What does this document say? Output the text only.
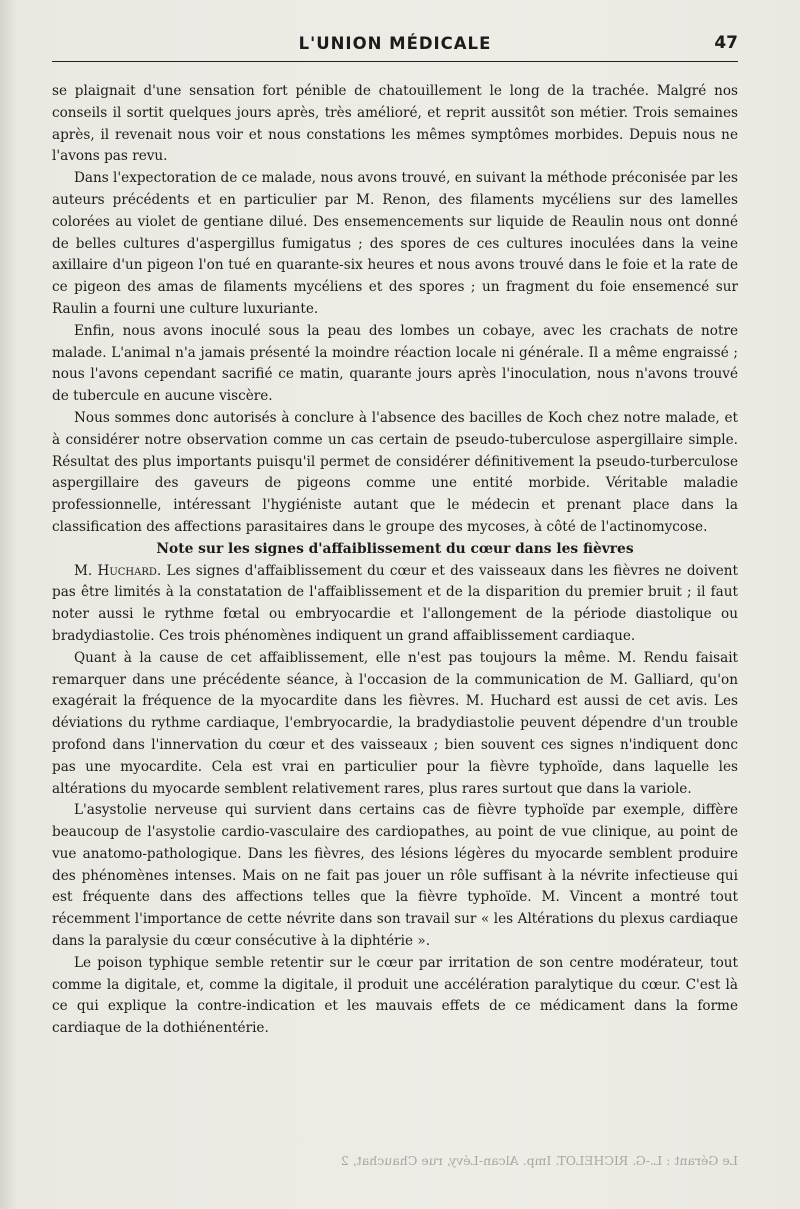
L'UNION MÉDICALE	47

se plaignait d'une sensation fort pénible de chatouillement le long de la trachée. Malgré nos conseils il sortit quelques jours après, très amélioré, et reprit aussitôt son métier. Trois semaines après, il revenait nous voir et nous constations les mêmes symptômes morbides. Depuis nous ne l'avons pas revu.

Dans l'expectoration de ce malade, nous avons trouvé, en suivant la méthode préconisée par les auteurs précédents et en particulier par M. Renon, des filaments mycéliens sur des lamelles colorées au violet de gentiane dilué. Des ensemencements sur liquide de Reaulin nous ont donné de belles cultures d'aspergillus fumigatus ; des spores de ces cultures inoculées dans la veine axillaire d'un pigeon l'on tué en quarante-six heures et nous avons trouvé dans le foie et la rate de ce pigeon des amas de filaments mycéliens et des spores ; un fragment du foie ensemencé sur Raulin a fourni une culture luxuriante.

Enfin, nous avons inoculé sous la peau des lombes un cobaye, avec les crachats de notre malade. L'animal n'a jamais présenté la moindre réaction locale ni générale. Il a même engraissé ; nous l'avons cependant sacrifié ce matin, quarante jours après l'inoculation, nous n'avons trouvé de tubercule en aucune viscère.

Nous sommes donc autorisés à conclure à l'absence des bacilles de Koch chez notre malade, et à considérer notre observation comme un cas certain de pseudo-tuberculose aspergillaire simple. Résultat des plus importants puisqu'il permet de considérer définitivement la pseudo-turberculose aspergillaire des gaveurs de pigeons comme une entité morbide. Véritable maladie professionnelle, intéressant l'hygiéniste autant que le médecin et prenant place dans la classification des affections parasitaires dans le groupe des mycoses, à côté de l'actinomycose.

Note sur les signes d'affaiblissement du cœur dans les fièvres

M. Huchard. Les signes d'affaiblissement du cœur et des vaisseaux dans les fièvres ne doivent pas être limités à la constatation de l'affaiblissement et de la disparition du premier bruit ; il faut noter aussi le rythme fœtal ou embryocardie et l'allongement de la période diastolique ou bradydiastolie. Ces trois phénomènes indiquent un grand affaiblissement cardiaque.

Quant à la cause de cet affaiblissement, elle n'est pas toujours la même. M. Rendu faisait remarquer dans une précédente séance, à l'occasion de la communication de M. Galliard, qu'on exagérait la fréquence de la myocardite dans les fièvres. M. Huchard est aussi de cet avis. Les déviations du rythme cardiaque, l'embryocardie, la bradydiastolie peuvent dépendre d'un trouble profond dans l'innervation du cœur et des vaisseaux ; bien souvent ces signes n'indiquent donc pas une myocardite. Cela est vrai en particulier pour la fièvre typhoïde, dans laquelle les altérations du myocarde semblent relativement rares, plus rares surtout que dans la variole.

L'asystolie nerveuse qui survient dans certains cas de fièvre typhoïde par exemple, diffère beaucoup de l'asystolie cardio-vasculaire des cardiopathes, au point de vue clinique, au point de vue anatomo-pathologique. Dans les fièvres, des lésions légères du myocarde semblent produire des phénomènes intenses. Mais on ne fait pas jouer un rôle suffisant à la névrite infectieuse qui est fréquente dans des affections telles que la fièvre typhoïde. M. Vincent a montré tout récemment l'importance de cette névrite dans son travail sur « les Altérations du plexus cardiaque dans la paralysie du cœur consécutive à la diphtérie ».

Le poison typhique semble retentir sur le cœur par irritation de son centre modérateur, tout comme la digitale, et, comme la digitale, il produit une accélération paralytique du cœur. C'est là ce qui explique la contre-indication et les mauvais effets de ce médicament dans la forme cardiaque de la dothiénentérie.

Le Gérant : L.-G. RICHELOT. Imp. Alcan-Lévy, rue Chauchat, 2
